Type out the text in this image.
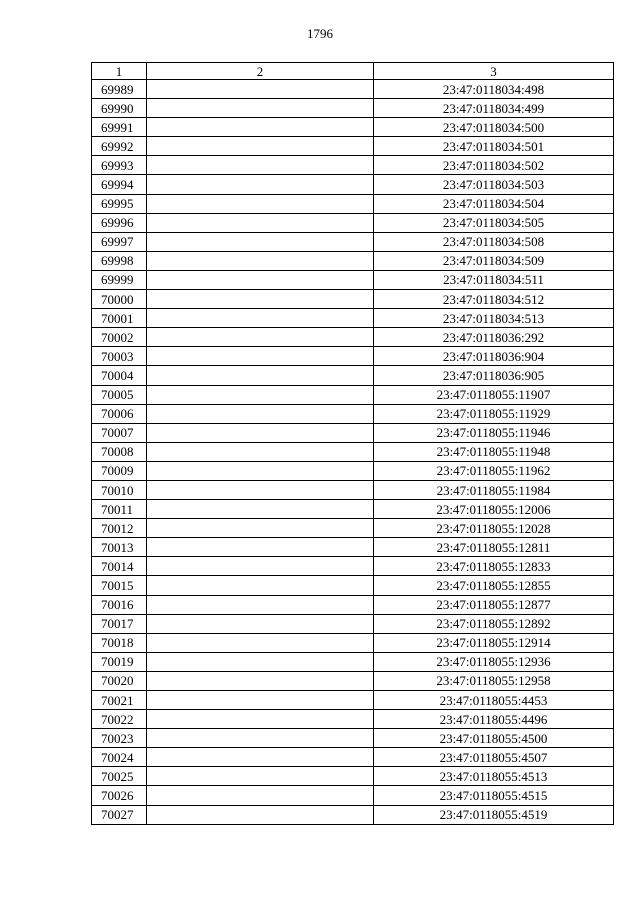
1796
1	2	3
69989		23:47:0118034:498
69990		23:47:0118034:499
69991		23:47:0118034:500
69992		23:47:0118034:501
69993		23:47:0118034:502
69994		23:47:0118034:503
69995		23:47:0118034:504
69996		23:47:0118034:505
69997		23:47:0118034:508
69998		23:47:0118034:509
69999		23:47:0118034:511
70000		23:47:0118034:512
70001		23:47:0118034:513
70002		23:47:0118036:292
70003		23:47:0118036:904
70004		23:47:0118036:905
70005		23:47:0118055:11907
70006		23:47:0118055:11929
70007		23:47:0118055:11946
70008		23:47:0118055:11948
70009		23:47:0118055:11962
70010		23:47:0118055:11984
70011		23:47:0118055:12006
70012		23:47:0118055:12028
70013		23:47:0118055:12811
70014		23:47:0118055:12833
70015		23:47:0118055:12855
70016		23:47:0118055:12877
70017		23:47:0118055:12892
70018		23:47:0118055:12914
70019		23:47:0118055:12936
70020		23:47:0118055:12958
70021		23:47:0118055:4453
70022		23:47:0118055:4496
70023		23:47:0118055:4500
70024		23:47:0118055:4507
70025		23:47:0118055:4513
70026		23:47:0118055:4515
70027		23:47:0118055:4519
